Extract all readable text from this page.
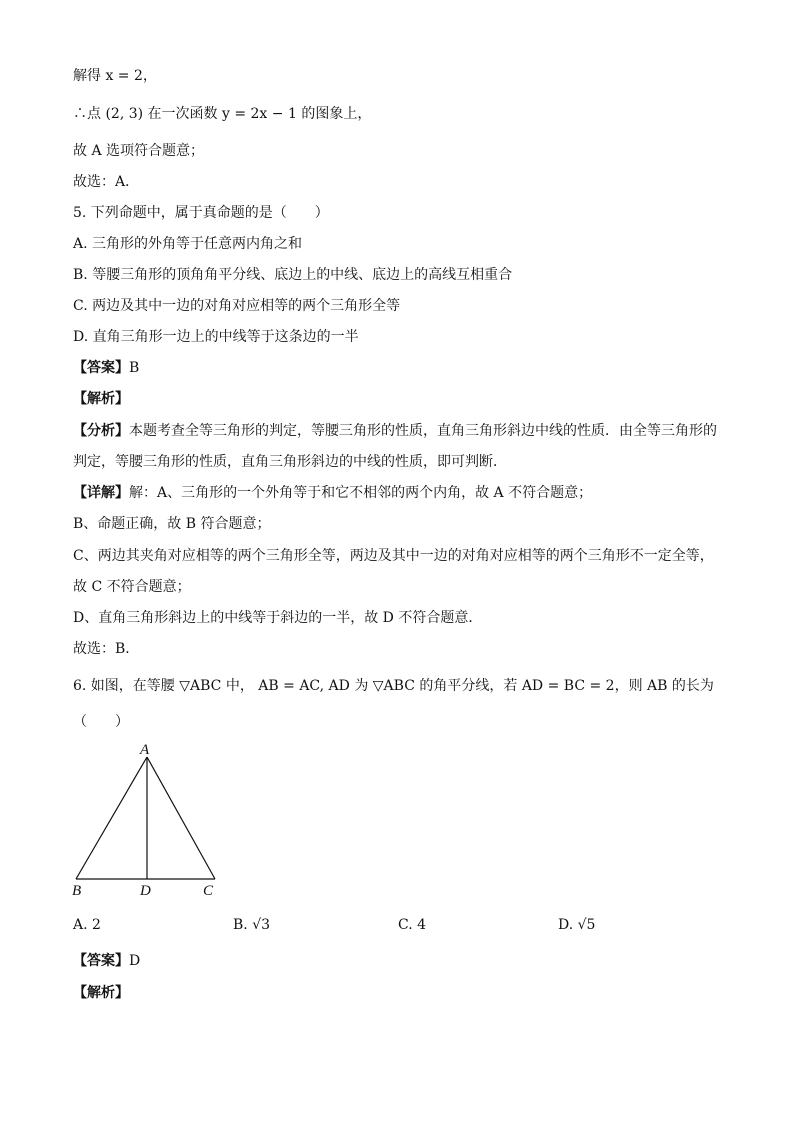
解得 x = 2，
∴点 (2, 3) 在一次函数 y = 2x − 1 的图象上，
故 A 选项符合题意；
故选：A．
5. 下列命题中，属于真命题的是（　　）
A. 三角形的外角等于任意两内角之和
B. 等腰三角形的顶角角平分线、底边上的中线、底边上的高线互相重合
C. 两边及其中一边的对角对应相等的两个三角形全等
D. 直角三角形一边上的中线等于这条边的一半
【答案】B
【解析】
【分析】本题考查全等三角形的判定，等腰三角形的性质，直角三角形斜边中线的性质．由全等三角形的
判定，等腰三角形的性质，直角三角形斜边的中线的性质，即可判断．
【详解】解：A、三角形的一个外角等于和它不相邻的两个内角，故 A 不符合题意；
B、命题正确，故 B 符合题意；
C、两边其夹角对应相等的两个三角形全等，两边及其中一边的对角对应相等的两个三角形不一定全等，
故 C 不符合题意；
D、直角三角形斜边上的中线等于斜边的一半，故 D 不符合题意．
故选：B．
6. 如图，在等腰 ▽ABC 中， AB = AC, AD 为 ▽ABC 的角平分线，若 AD = BC = 2，则 AB 的长为
（　　）
A
B	D	C
A. 2	B. √3	C. 4	D. √5
【答案】D
【解析】
